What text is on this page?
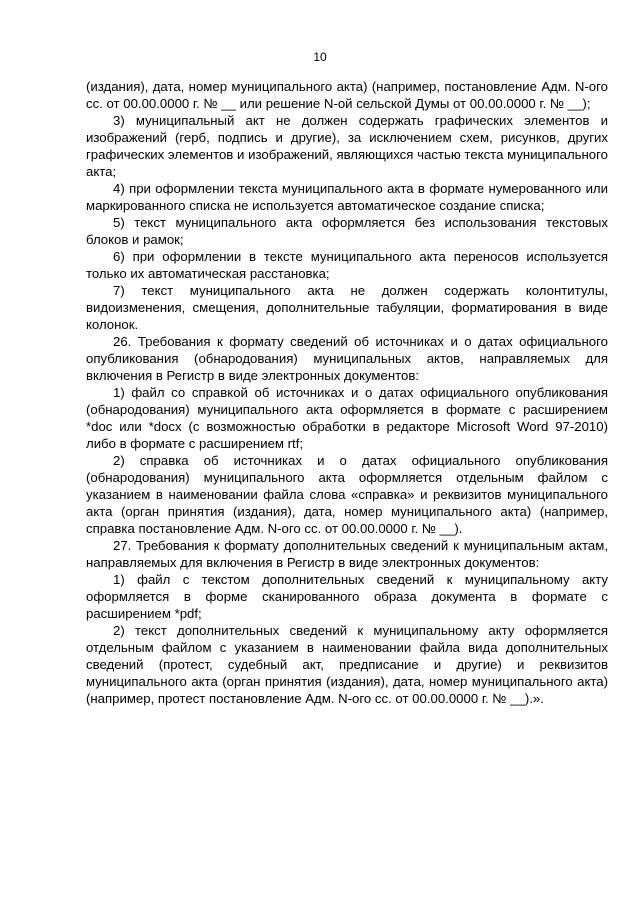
10

(издания), дата, номер муниципального акта) (например, постановление Адм. N-ого сс. от 00.00.0000 г. № __ или решение N-ой сельской Думы от 00.00.0000 г. № __);

3) муниципальный акт не должен содержать графических элементов и изображений (герб, подпись и другие), за исключением схем, рисунков, других графических элементов и изображений, являющихся частью текста муниципального акта;

4) при оформлении текста муниципального акта в формате нумерованного или маркированного списка не используется автоматическое создание списка;

5) текст муниципального акта оформляется без использования текстовых блоков и рамок;

6) при оформлении в тексте муниципального акта переносов используется только их автоматическая расстановка;

7) текст муниципального акта не должен содержать колонтитулы, видоизменения, смещения, дополнительные табуляции, форматирования в виде колонок.

26. Требования к формату сведений об источниках и о датах официального опубликования (обнародования) муниципальных актов, направляемых для включения в Регистр в виде электронных документов:

1) файл со справкой об источниках и о датах официального опубликования (обнародования) муниципального акта оформляется в формате с расширением *doc или *docx (с возможностью обработки в редакторе Microsoft Word 97-2010) либо в формате с расширением rtf;

2) справка об источниках и о датах официального опубликования (обнародования) муниципального акта оформляется отдельным файлом с указанием в наименовании файла слова «справка» и реквизитов муниципального акта (орган принятия (издания), дата, номер муниципального акта) (например, справка постановление Адм. N-ого сс. от 00.00.0000 г. № __).

27. Требования к формату дополнительных сведений к муниципальным актам, направляемых для включения в Регистр в виде электронных документов:

1) файл с текстом дополнительных сведений к муниципальному акту оформляется в форме сканированного образа документа в формате с расширением *pdf;

2) текст дополнительных сведений к муниципальному акту оформляется отдельным файлом с указанием в наименовании файла вида дополнительных сведений (протест, судебный акт, предписание и другие) и реквизитов муниципального акта (орган принятия (издания), дата, номер муниципального акта) (например, протест постановление Адм. N-ого сс. от 00.00.0000 г. № __).».
